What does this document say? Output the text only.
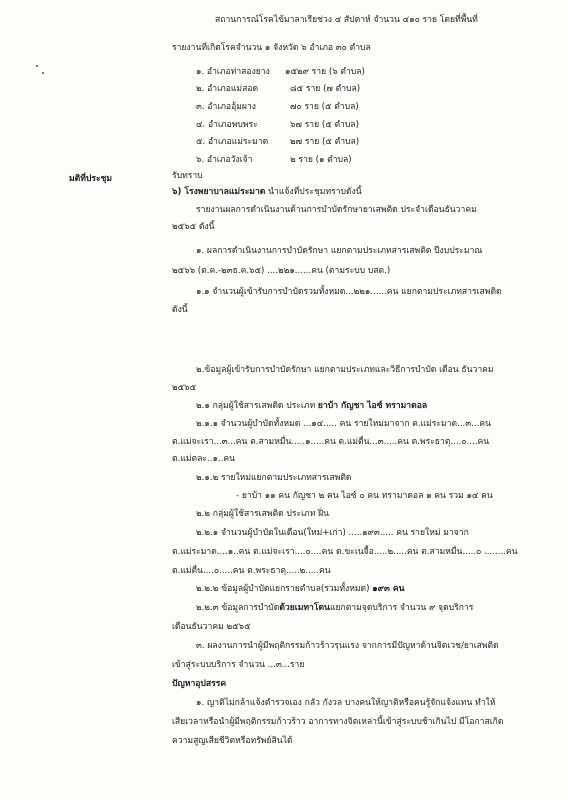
สถานการณ์โรคไข้มาลาเรียช่วง ๔ สัปดาห์ จำนวน ๔๑๐ ราย โดยที่พื้นที่
รายงานที่เกิดโรคจำนวน ๑ จังหวัด ๖ อำเภอ ๓๐ ตำบล
๑. อำเภอท่าสองยาง ๑๕๒๙ ราย (๖ ตำบล)
๒. อำเภอแม่สอด	๘๕ ราย (๗ ตำบล)
๓. อำเภออุ้มผาง	๗๐ ราย (๕ ตำบล)
๔. อำเภอพบพระ	๖๗ ราย (๕ ตำบล)
๕. อำเภอแม่ระมาด	๒๗ ราย (๕ ตำบล)
๖. อำเภอวังเจ้า	๒ ราย (๑ ตำบล)
มติที่ประชุม	รับทราบ
๖) โรงพยาบาลแม่ระมาด นำแจ้งที่ประชุมทราบดังนี้
รายงานผลการดำเนินงานด้านการบำบัดรักษายาเสพติด ประจำเดือนธันวาคม
๒๕๖๕ ดังนี้
๑. ผลการดำเนินงานการบำบัดรักษา แยกตามประเภทสารเสพติด ปีงบประมาณ
๒๕๖๖ (ต.ค.-๒๓ธ.ค.๖๕) ....๒๒๑......คน (ตามระบบ บสต.)
๑.๑ จำนวนผู้เข้ารับการบำบัดรวมทั้งหมด...๒๒๑......คน แยกตามประเภทสารเสพติด
ดังนี้
๒.ข้อมูลผู้เข้ารับการบำบัดรักษา แยกตามประเภทและวิธีการบำบัด เดือน ธันวาคม
๒๕๖๕
๒.๑ กลุ่มผู้ใช้สารเสพติด ประเภท ยาบ้า กัญชา ไอซ์ ทรามาดอล
๒.๑.๑ จำนวนผู้บำบัดทั้งหมด ...๑๔..... คน รายใหม่มาจาก ต.แม่ระมาด...๓...คน
ต.แม่จะเรา...๓...คน ต.สามหมื่น.....๑.....คน ต.แม่ตื่น...๓.....คน ต.พระธาตุ....๐....คน
ต.แม่ตละ..๑..คน
๒.๑.๒ รายใหม่แยกตามประเภทสารเสพติด
- ยาบ้า ๑๑ คน กัญชา ๒ คน ไอซ์ ๐ คน ทรามาดอล ๑ คน รวม ๑๔ คน
๒.๒ กลุ่มผู้ใช้สารเสพติด ประเภท ฝิ่น
๒.๒.๑ จำนวนผู้บำบัดในเดือน(ใหม่+เก่า) .....๑๙๓..... คน รายใหม่ มาจาก
ต.แม่ระมาด....๑..คน ต.แม่จะเรา....๐....คน ต.ขะเนจื้อ.....๒.....คน ต.สามหมื่น.....๐ ........คน
ต.แม่ตื่น....๐.....คน ต.พระธาตุ.....๒.....คน
๒.๒.๒ ข้อมูลผู้บำบัดแยกรายตำบล(รวมทั้งหมด) ๑๙๓ คน
๒.๒.๓ ข้อมูลการบำบัดด้วยเมทาโดนแยกตามจุดบริการ จำนวน ๙ จุดบริการ
เดือนธันวาคม ๒๕๖๕
๓. ผลงานการนำผู้มีพฤติกรรมก้าวร้าวรุนแรง จากการมีปัญหาด้านจิตเวช/ยาเสพติด
เข้าสู่ระบบบริการ จำนวน ...๓...ราย
ปัญหาอุปสรรค
๑. ญาติไม่กล้าแจ้งตำรวจเอง กลัว กังวล บางคนให้ญาติหรือคนรู้จักแจ้งแทน ทำให้
เสียเวลาหรือนำผู้มีพฤติกรรมก้าวร้าว อาการทางจิตเหล่านี้เข้าสู่ระบบช้าเกินไป มีโอกาสเกิด
ความสูญเสียชีวิตหรือทรัพย์สินได้
